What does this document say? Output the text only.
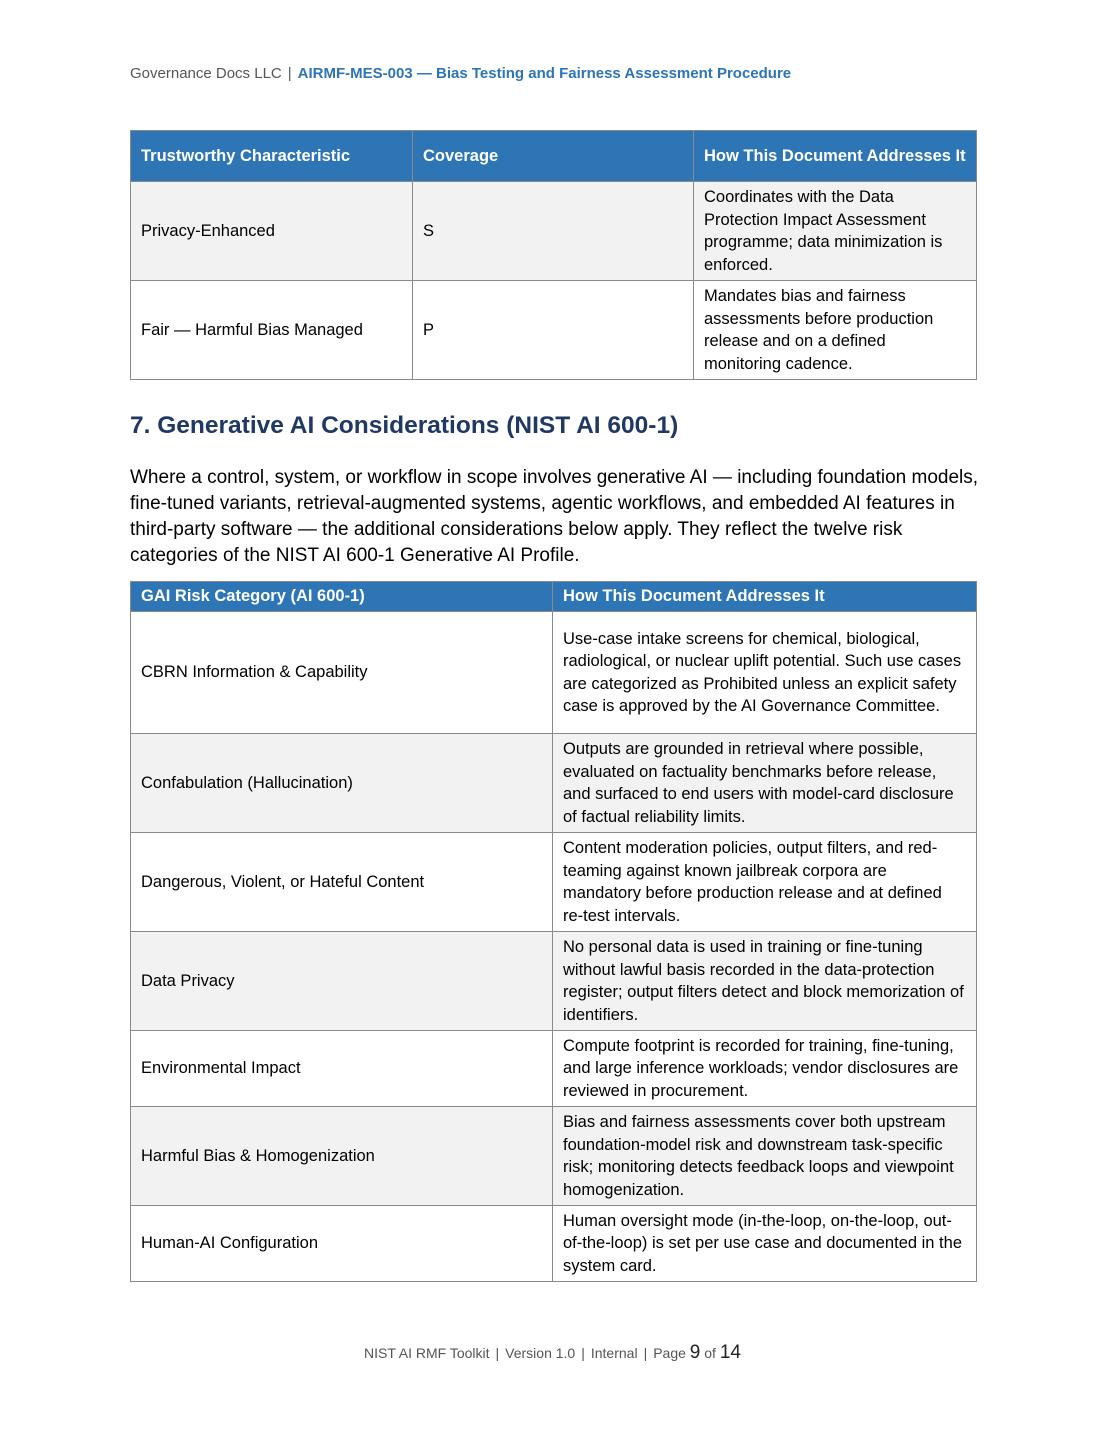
Governance Docs LLC | AIRMF-MES-003 — Bias Testing and Fairness Assessment Procedure
Trustworthy Characteristic	Coverage	How This Document Addresses It
Privacy-Enhanced	S	Coordinates with the Data Protection Impact Assessment programme; data minimization is enforced.
Fair — Harmful Bias Managed	P	Mandates bias and fairness assessments before production release and on a defined monitoring cadence.
7. Generative AI Considerations (NIST AI 600-1)

Where a control, system, or workflow in scope involves generative AI — including foundation models, fine-tuned variants, retrieval-augmented systems, agentic workflows, and embedded AI features in third-party software — the additional considerations below apply. They reflect the twelve risk categories of the NIST AI 600-1 Generative AI Profile.

GAI Risk Category (AI 600-1)	How This Document Addresses It
CBRN Information & Capability	Use-case intake screens for chemical, biological, radiological, or nuclear uplift potential. Such use cases are categorized as Prohibited unless an explicit safety case is approved by the AI Governance Committee.
Confabulation (Hallucination)	Outputs are grounded in retrieval where possible, evaluated on factuality benchmarks before release, and surfaced to end users with model-card disclosure of factual reliability limits.
Dangerous, Violent, or Hateful Content	Content moderation policies, output filters, and red-teaming against known jailbreak corpora are mandatory before production release and at defined re-test intervals.
Data Privacy	No personal data is used in training or fine-tuning without lawful basis recorded in the data-protection register; output filters detect and block memorization of identifiers.
Environmental Impact	Compute footprint is recorded for training, fine-tuning, and large inference workloads; vendor disclosures are reviewed in procurement.
Harmful Bias & Homogenization	Bias and fairness assessments cover both upstream foundation-model risk and downstream task-specific risk; monitoring detects feedback loops and viewpoint homogenization.
Human-AI Configuration	Human oversight mode (in-the-loop, on-the-loop, out-of-the-loop) is set per use case and documented in the system card.
NIST AI RMF Toolkit | Version 1.0 | Internal | Page 9 of 14
